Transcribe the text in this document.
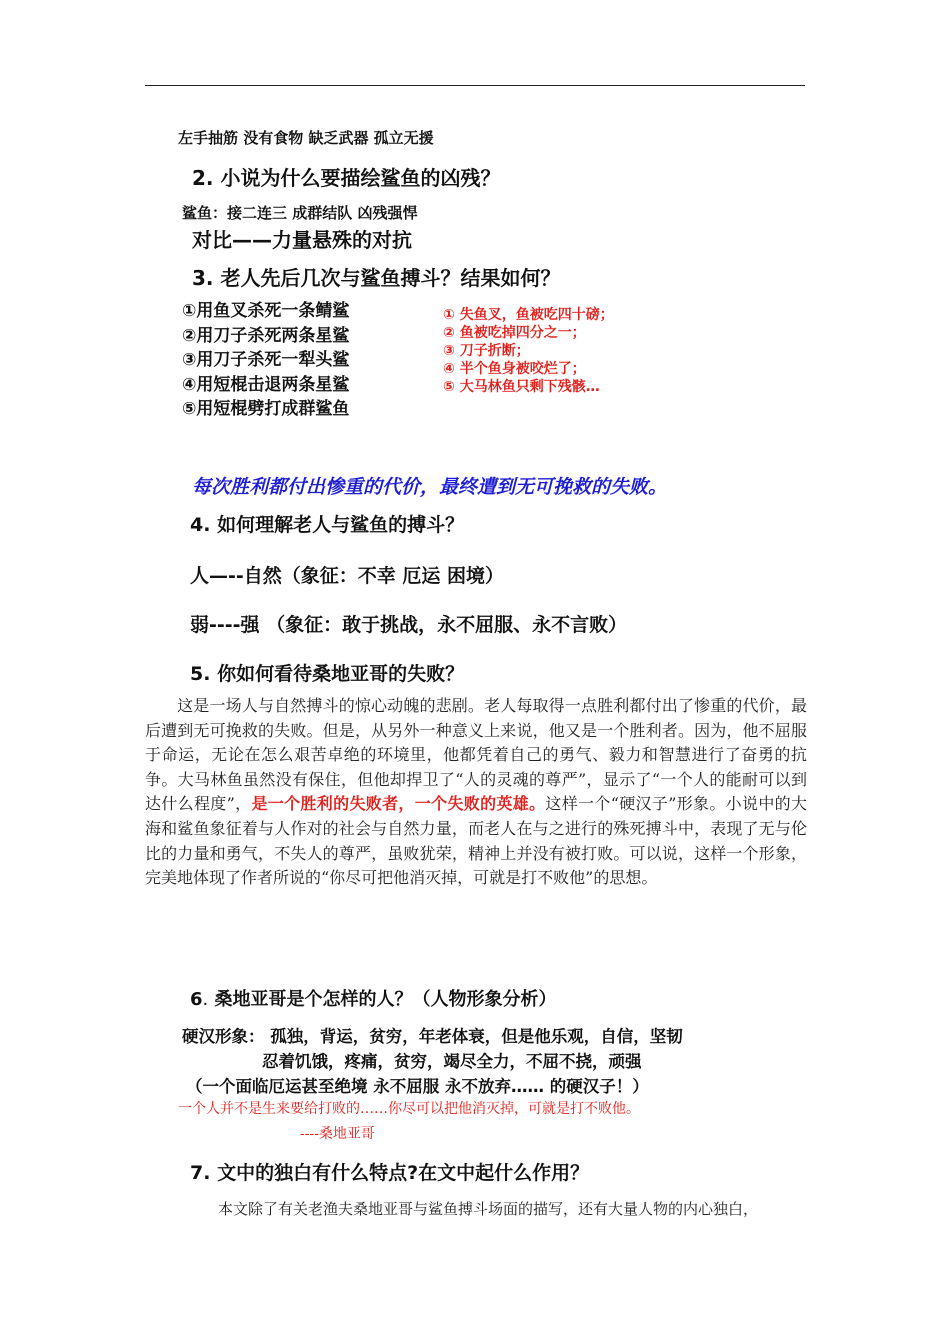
左手抽筋 没有食物 缺乏武器 孤立无援
2. 小说为什么要描绘鲨鱼的凶残？
鲨鱼：接二连三 成群结队 凶残强悍
对比——力量悬殊的对抗
3. 老人先后几次与鲨鱼搏斗？结果如何？
①用鱼叉杀死一条鲭鲨
②用刀子杀死两条星鲨
③用刀子杀死一犁头鲨
④用短棍击退两条星鲨
⑤用短棍劈打成群鲨鱼
① 失鱼叉，鱼被吃四十磅；
② 鱼被吃掉四分之一；
③ 刀子折断；
④ 半个鱼身被咬烂了；
⑤ 大马林鱼只剩下残骸…
每次胜利都付出惨重的代价，最终遭到无可挽救的失败。
4. 如何理解老人与鲨鱼的搏斗？
人—--自然（象征：不幸 厄运 困境）
弱----强 （象征：敢于挑战，永不屈服、永不言败）
5. 你如何看待桑地亚哥的失败？
这是一场人与自然搏斗的惊心动魄的悲剧。老人每取得一点胜利都付出了惨重的代价，最后遭到无可挽救的失败。但是，从另外一种意义上来说，他又是一个胜利者。因为，他不屈服于命运，无论在怎么艰苦卓绝的环境里，他都凭着自己的勇气、毅力和智慧进行了奋勇的抗争。大马林鱼虽然没有保住，但他却捍卫了“人的灵魂的尊严”，显示了“一个人的能耐可以到达什么程度”，是一个胜利的失败者，一个失败的英雄。这样一个“硬汉子”形象。小说中的大海和鲨鱼象征着与人作对的社会与自然力量，而老人在与之进行的殊死搏斗中，表现了无与伦比的力量和勇气，不失人的尊严，虽败犹荣，精神上并没有被打败。可以说，这样一个形象，完美地体现了作者所说的“你尽可把他消灭掉，可就是打不败他”的思想。
6. 桑地亚哥是个怎样的人？（人物形象分析）
硬汉形象： 孤独，背运，贫穷，年老体衰，但是他乐观，自信，坚韧
忍着饥饿，疼痛，贫穷，竭尽全力，不屈不挠，顽强
（一个面临厄运甚至绝境 永不屈服 永不放弃…… 的硬汉子！）
一个人并不是生来要给打败的……你尽可以把他消灭掉，可就是打不败他。
----桑地亚哥
7. 文中的独白有什么特点?在文中起什么作用？
本文除了有关老渔夫桑地亚哥与鲨鱼搏斗场面的描写，还有大量人物的内心独白，
